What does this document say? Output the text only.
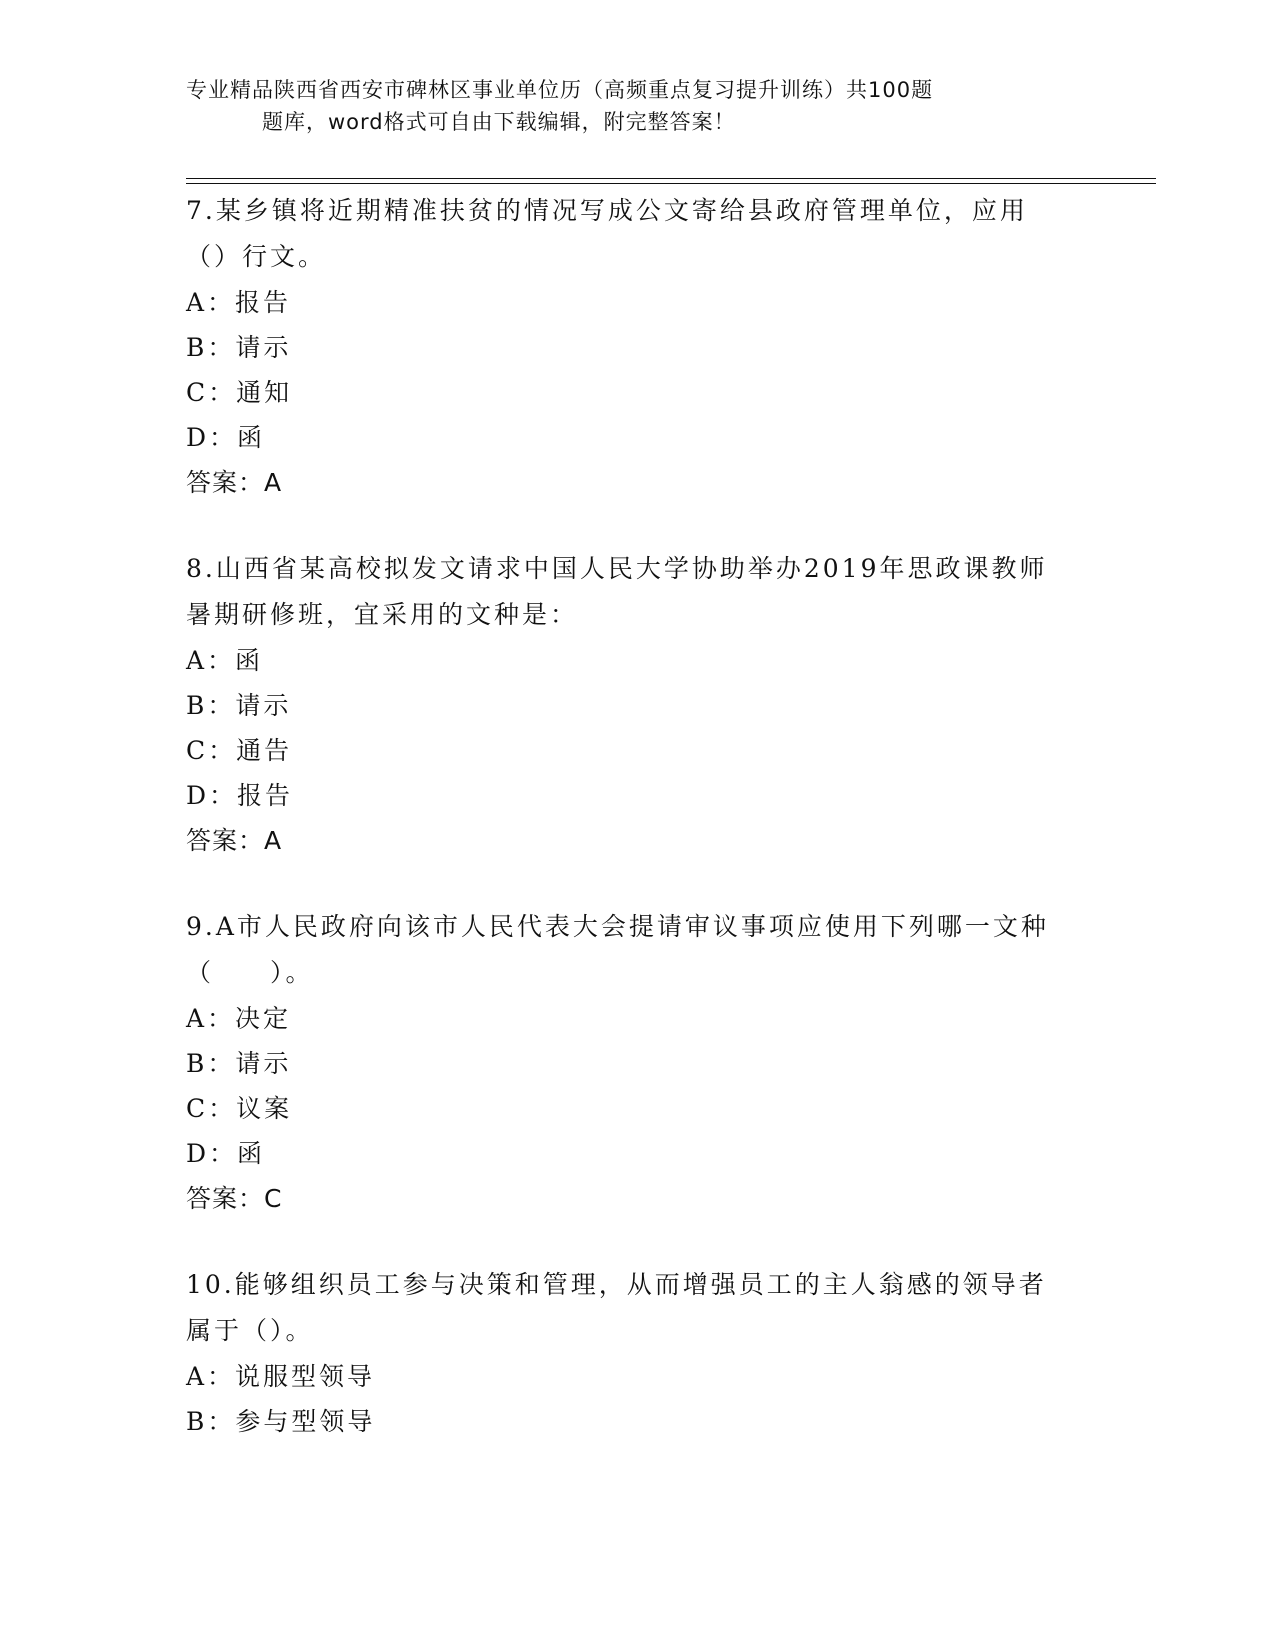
专业精品陕西省西安市碑林区事业单位历（高频重点复习提升训练）共100题
题库，word格式可自由下载编辑，附完整答案！

7.某乡镇将近期精准扶贫的情况写成公文寄给县政府管理单位，应用

（）行文。

A：报告

B：请示

C：通知

D：函

答案：A

8.山西省某高校拟发文请求中国人民大学协助举办2019年思政课教师

暑期研修班，宜采用的文种是：

A：函

B：请示

C：通告

D：报告

答案：A

9.A市人民政府向该市人民代表大会提请审议事项应使用下列哪一文种

（　　）。

A：决定

B：请示

C：议案

D：函

答案：C

10.能够组织员工参与决策和管理，从而增强员工的主人翁感的领导者

属于（）。

A：说服型领导

B：参与型领导
